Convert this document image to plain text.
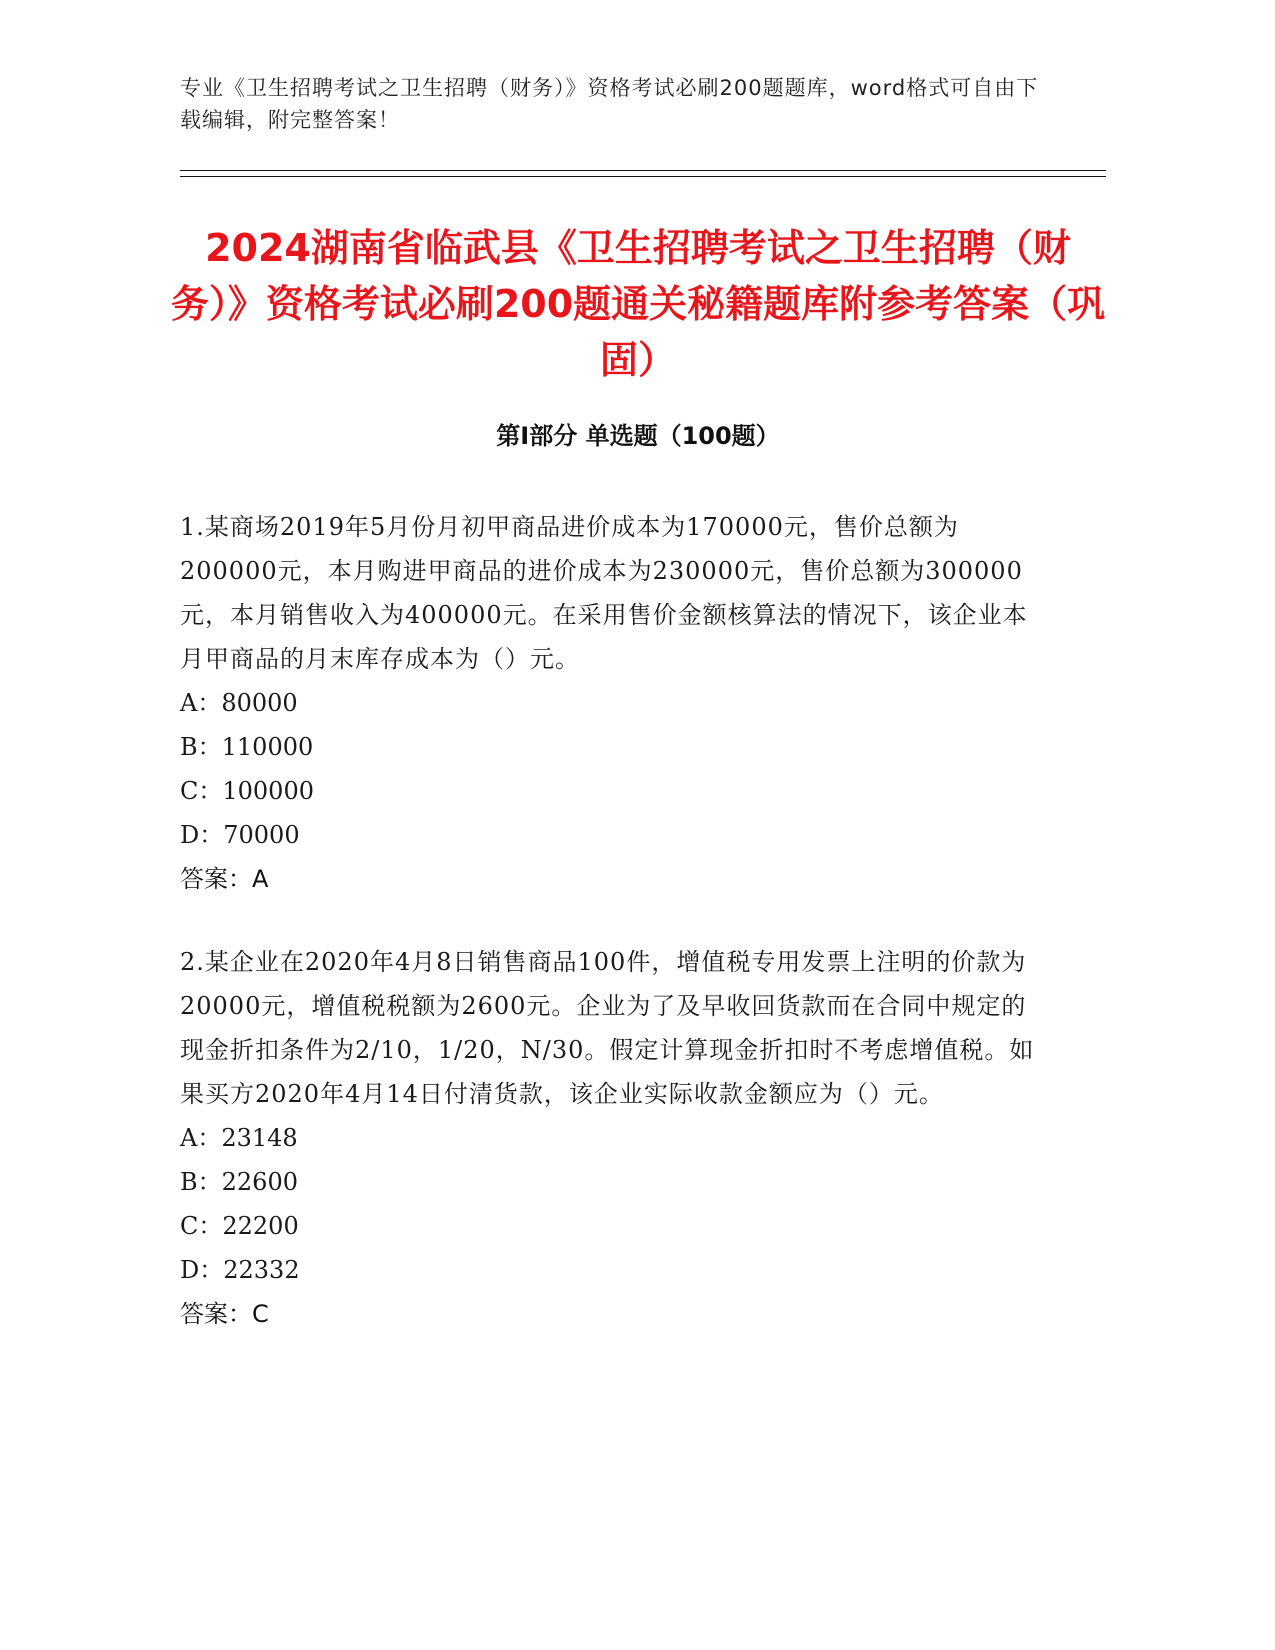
专业《卫生招聘考试之卫生招聘（财务）》资格考试必刷200题题库，word格式可自由下载编辑，附完整答案！
2024湖南省临武县《卫生招聘考试之卫生招聘（财务）》资格考试必刷200题通关秘籍题库附参考答案（巩固）
第I部分 单选题（100题）

1.某商场2019年5月份月初甲商品进价成本为170000元，售价总额为200000元，本月购进甲商品的进价成本为230000元，售价总额为300000元，本月销售收入为400000元。在采用售价金额核算法的情况下，该企业本月甲商品的月末库存成本为（）元。

A：80000

B：110000

C：100000

D：70000

答案：A

2.某企业在2020年4月8日销售商品100件，增值税专用发票上注明的价款为20000元，增值税税额为2600元。企业为了及早收回货款而在合同中规定的现金折扣条件为2/10，1/20，N/30。假定计算现金折扣时不考虑增值税。如果买方2020年4月14日付清货款，该企业实际收款金额应为（）元。

A：23148

B：22600

C：22200

D：22332

答案：C
